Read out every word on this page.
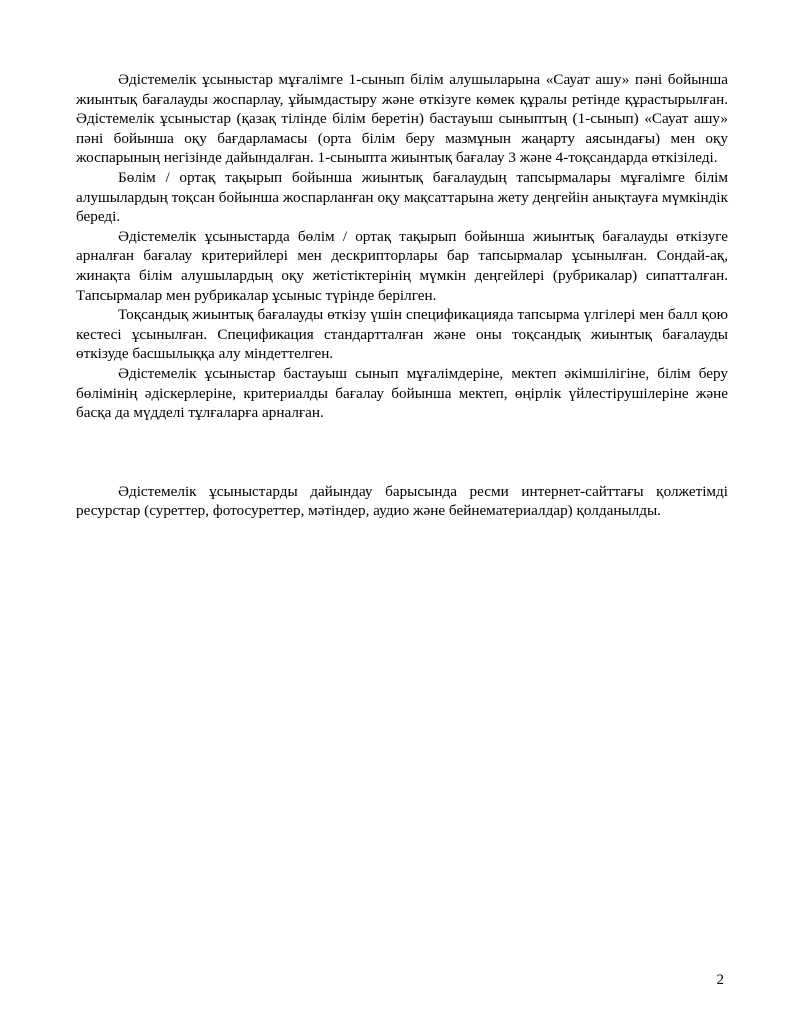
Әдістемелік ұсыныстар мұғалімге 1-сынып білім алушыларына «Сауат ашу» пәні бойынша жиынтық бағалауды жоспарлау, ұйымдастыру және өткізуге көмек құралы ретінде құрастырылған. Әдістемелік ұсыныстар (қазақ тілінде білім беретін) бастауыш сыныптың (1-сынып) «Сауат ашу» пәні бойынша оқу бағдарламасы (орта білім беру мазмұнын жаңарту аясындағы) мен оқу жоспарының негізінде дайындалған. 1-сыныпта жиынтық бағалау 3 және 4-тоқсандарда өткізіледі.

Бөлім / ортақ тақырып бойынша жиынтық бағалаудың тапсырмалары мұғалімге білім алушылардың тоқсан бойынша жоспарланған оқу мақсаттарына жету деңгейін анықтауға мүмкіндік береді.

Әдістемелік ұсыныстарда бөлім / ортақ тақырып бойынша жиынтық бағалауды өткізуге арналған бағалау критерийлері мен дескрипторлары бар тапсырмалар ұсынылған. Сондай-ақ, жинақта білім алушылардың оқу жетістіктерінің мүмкін деңгейлері (рубрикалар) сипатталған. Тапсырмалар мен рубрикалар ұсыныс түрінде берілген.

Тоқсандық жиынтық бағалауды өткізу үшін спецификацияда тапсырма үлгілері мен балл қою кестесі ұсынылған. Спецификация стандартталған және оны тоқсандық жиынтық бағалауды өткізуде басшылыққа алу міндеттелген.

Әдістемелік ұсыныстар бастауыш сынып мұғалімдеріне, мектеп әкімшілігіне, білім беру бөлімінің әдіскерлеріне, критериалды бағалау бойынша мектеп, өңірлік үйлестірушілеріне және басқа да мүдделі тұлғаларға арналған.

Әдістемелік ұсыныстарды дайындау барысында ресми интернет-сайттағы қолжетімді ресурстар (суреттер, фотосуреттер, мәтіндер, аудио және бейнематериалдар) қолданылды.

2
